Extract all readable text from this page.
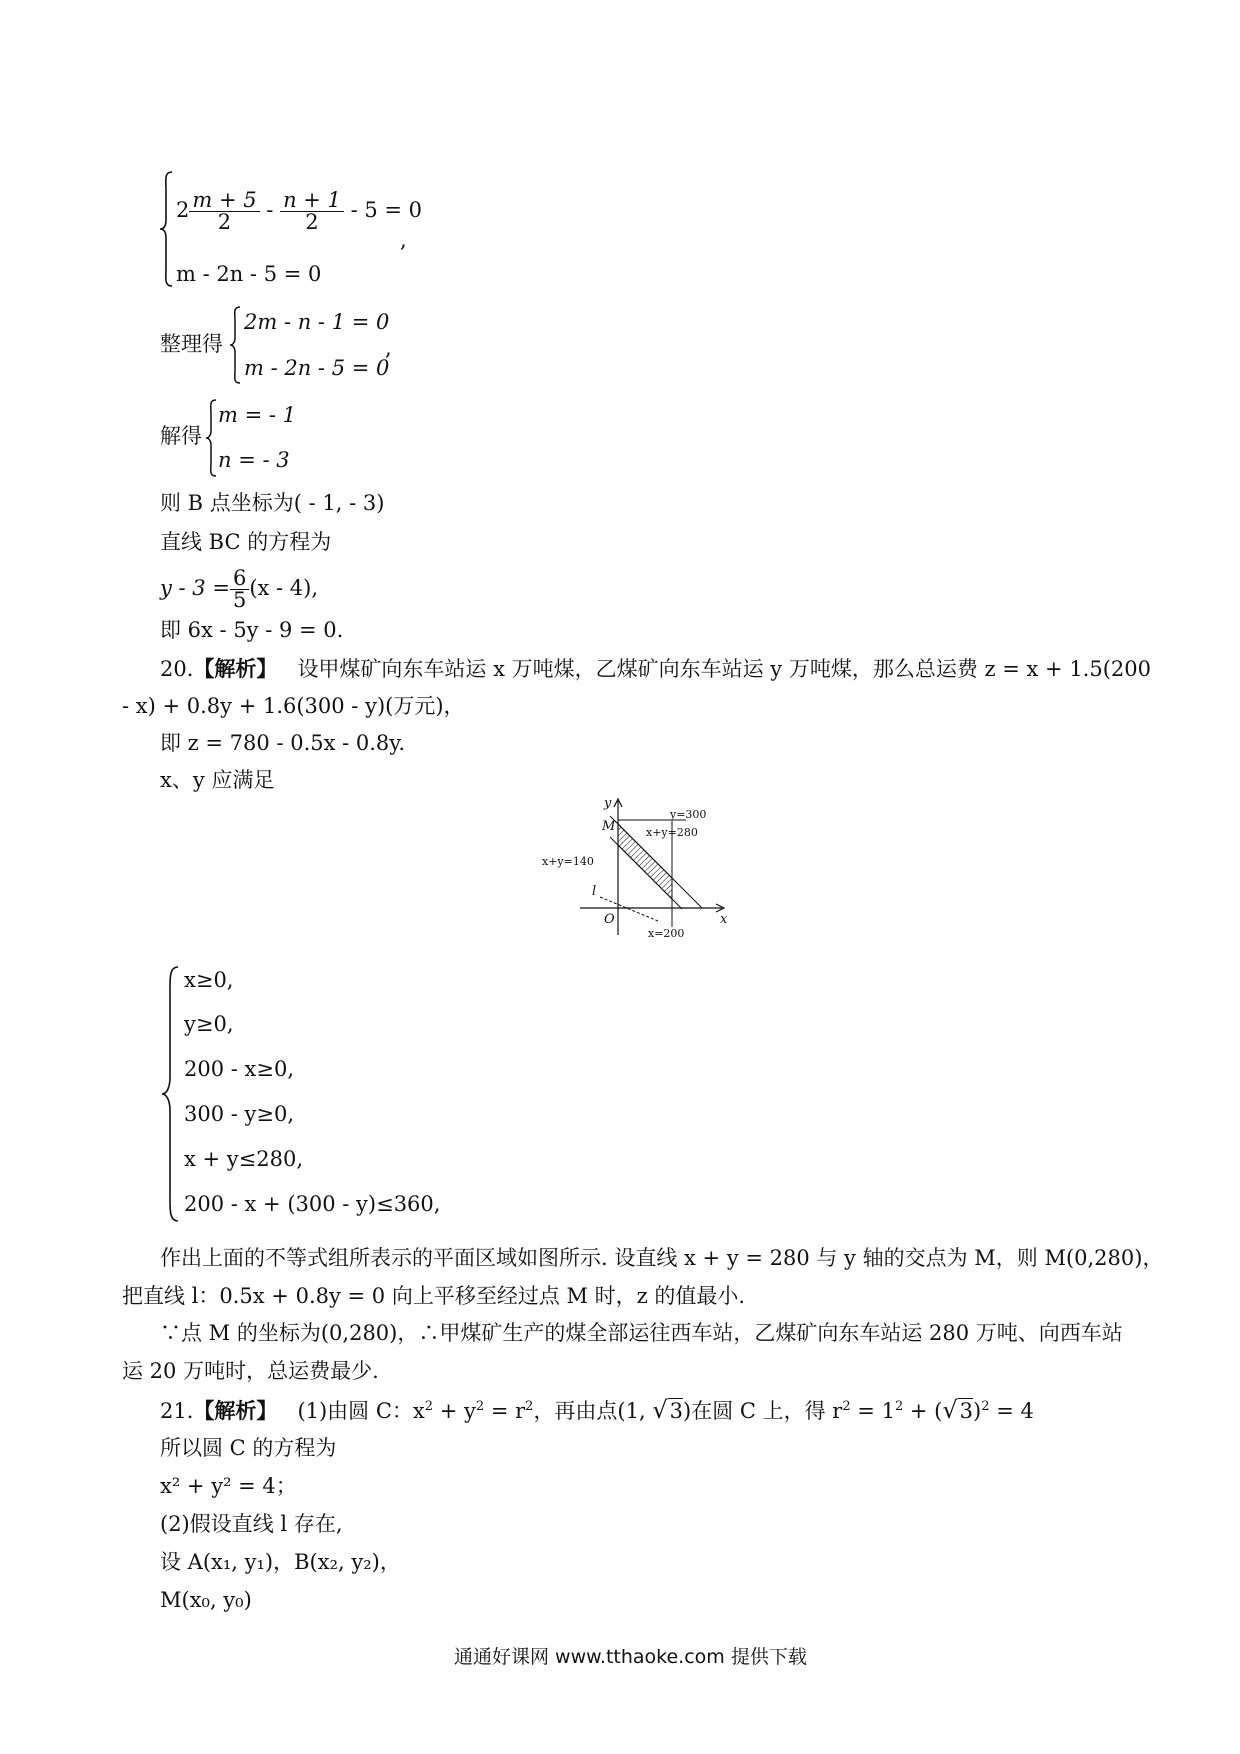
$2 \frac{m + 5}{2} - \frac{n + 1}{2} - 5 = 0$
m - 2n - 5 = 0
,
整理得
2m - n - 1 = 0
m - 2n - 5 = 0
,
解得
m = - 1
n = - 3
则 B 点坐标为( - 1, - 3)
直线 BC 的方程为
$y - 3 = \frac{6}{5} (x - 4)$,
即 6x - 5y - 9 = 0.
20.【解析】 设甲煤矿向东车站运 x 万吨煤，乙煤矿向东车站运 y 万吨煤，那么总运费 z = x + 1.5(200
- x) + 0.8y + 1.6(300 - y)(万元)，
即 z = 780 - 0.5x - 0.8y.
x、y 应满足
y
x
O
M
l
y=300
x+y=280
x+y=140
x=200
x≥0,
y≥0,
200 - x≥0,
300 - y≥0,
x + y≤280,
200 - x + (300 - y)≤360,
作出上面的不等式组所表示的平面区域如图所示. 设直线 x + y = 280 与 y 轴的交点为 M，则 M(0,280)，
把直线 l：0.5x + 0.8y = 0 向上平移至经过点 M 时，z 的值最小.
∵点 M 的坐标为(0,280)，∴甲煤矿生产的煤全部运往西车站，乙煤矿向东车站运 280 万吨、向西车站
运 20 万吨时，总运费最少.
21.【解析】 (1)由圆 C：$x^2 + y^2 = r^2$，再由点(1, √3)在圆 C 上，得 $r^2 = 1^2 + (√3)^2 = 4$
所以圆 C 的方程为
x² + y² = 4；
(2)假设直线 l 存在,
设 A(x₁, y₁)，B(x₂, y₂)，
M(x₀, y₀)
通通好课网 www.tthaoke.com 提供下载
